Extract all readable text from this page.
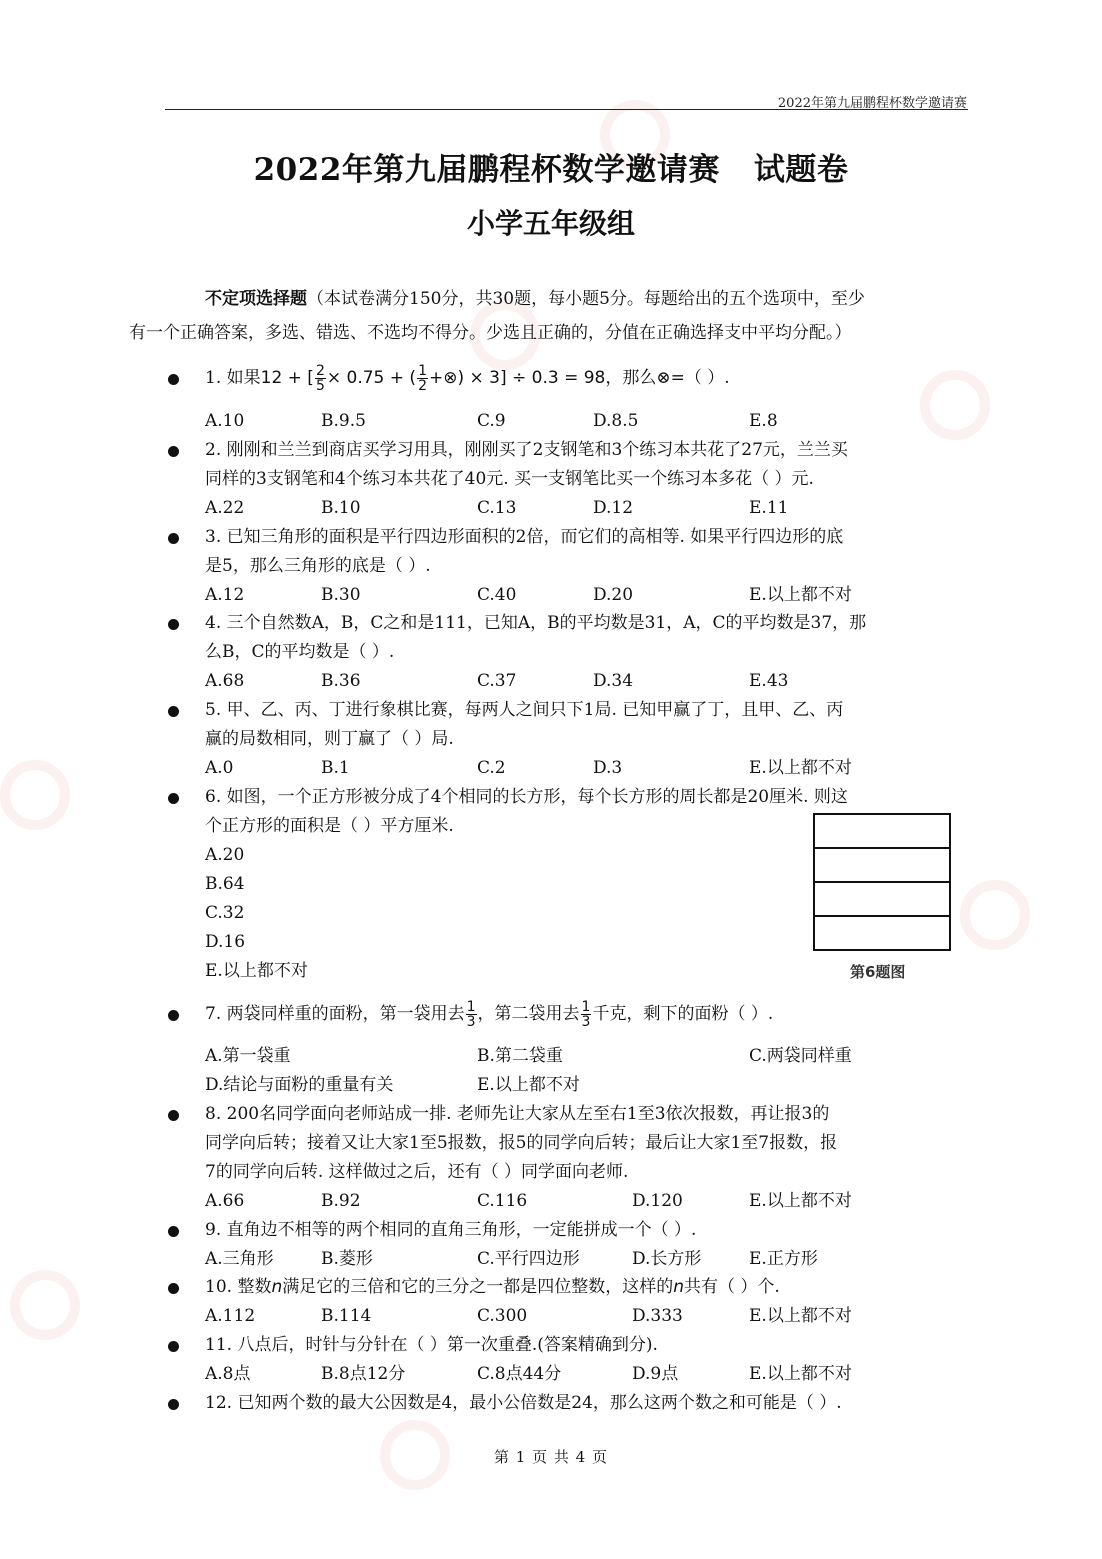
2022年第九届鹏程杯数学邀请赛
2022年第九届鹏程杯数学邀请赛 试题卷
小学五年级组
不定项选择题（本试卷满分150分，共30题，每小题5分。每题给出的五个选项中，至少
有一个正确答案，多选、错选、不选均不得分。少选且正确的，分值在正确选择支中平均分配。）
1. 如果12 + [ $\frac{2}{5} \times 0.75$ + ( $\frac{1}{2}$ +⊗) × 3] ÷ 0.3 = 98，那么⊗=（ ）.
A.10	B.9.5	C.9	D.8.5	E.8
2. 刚刚和兰兰到商店买学习用具，刚刚买了2支钢笔和3个练习本共花了27元，兰兰买
同样的3支钢笔和4个练习本共花了40元. 买一支钢笔比买一个练习本多花（ ）元.
A.22	B.10	C.13	D.12	E.11
3. 已知三角形的面积是平行四边形面积的2倍，而它们的高相等. 如果平行四边形的底
是5，那么三角形的底是（ ）.
A.12	B.30	C.40	D.20	E.以上都不对
4. 三个自然数A，B，C之和是111，已知A，B的平均数是31，A，C的平均数是37，那
么B，C的平均数是（ ）.
A.68	B.36	C.37	D.34	E.43
5. 甲、乙、丙、丁进行象棋比赛，每两人之间只下1局. 已知甲赢了丁，且甲、乙、丙
赢的局数相同，则丁赢了（ ）局.
A.0	B.1	C.2	D.3	E.以上都不对
6. 如图，一个正方形被分成了4个相同的长方形，每个长方形的周长都是20厘米. 则这
个正方形的面积是（ ）平方厘米.
A.20
B.64
C.32
D.16
E.以上都不对	第6题图
7. 两袋同样重的面粉，第一袋用去 $\frac{1}{3}$ ，第二袋用去 $\frac{1}{3}$ 千克，剩下的面粉（ ）.
A.第一袋重	B.第二袋重	C.两袋同样重
D.结论与面粉的重量有关	E.以上都不对
8. 200名同学面向老师站成一排. 老师先让大家从左至右1至3依次报数，再让报3的
同学向后转；接着又让大家1至5报数，报5的同学向后转；最后让大家1至7报数，报
7的同学向后转. 这样做过之后，还有（ ）同学面向老师.
A.66	B.92	C.116	D.120	E.以上都不对
9. 直角边不相等的两个相同的直角三角形，一定能拼成一个（ ）.
A.三角形	B.菱形	C.平行四边形	D.长方形	E.正方形
10. 整数n满足它的三倍和它的三分之一都是四位整数，这样的n共有（ ）个.
A.112	B.114	C.300	D.333	E.以上都不对
11. 八点后，时针与分针在（ ）第一次重叠.(答案精确到分).
A.8点	B.8点12分	C.8点44分	D.9点	E.以上都不对
12. 已知两个数的最大公因数是4，最小公倍数是24，那么这两个数之和可能是（ ）.
第 1 页 共 4 页
